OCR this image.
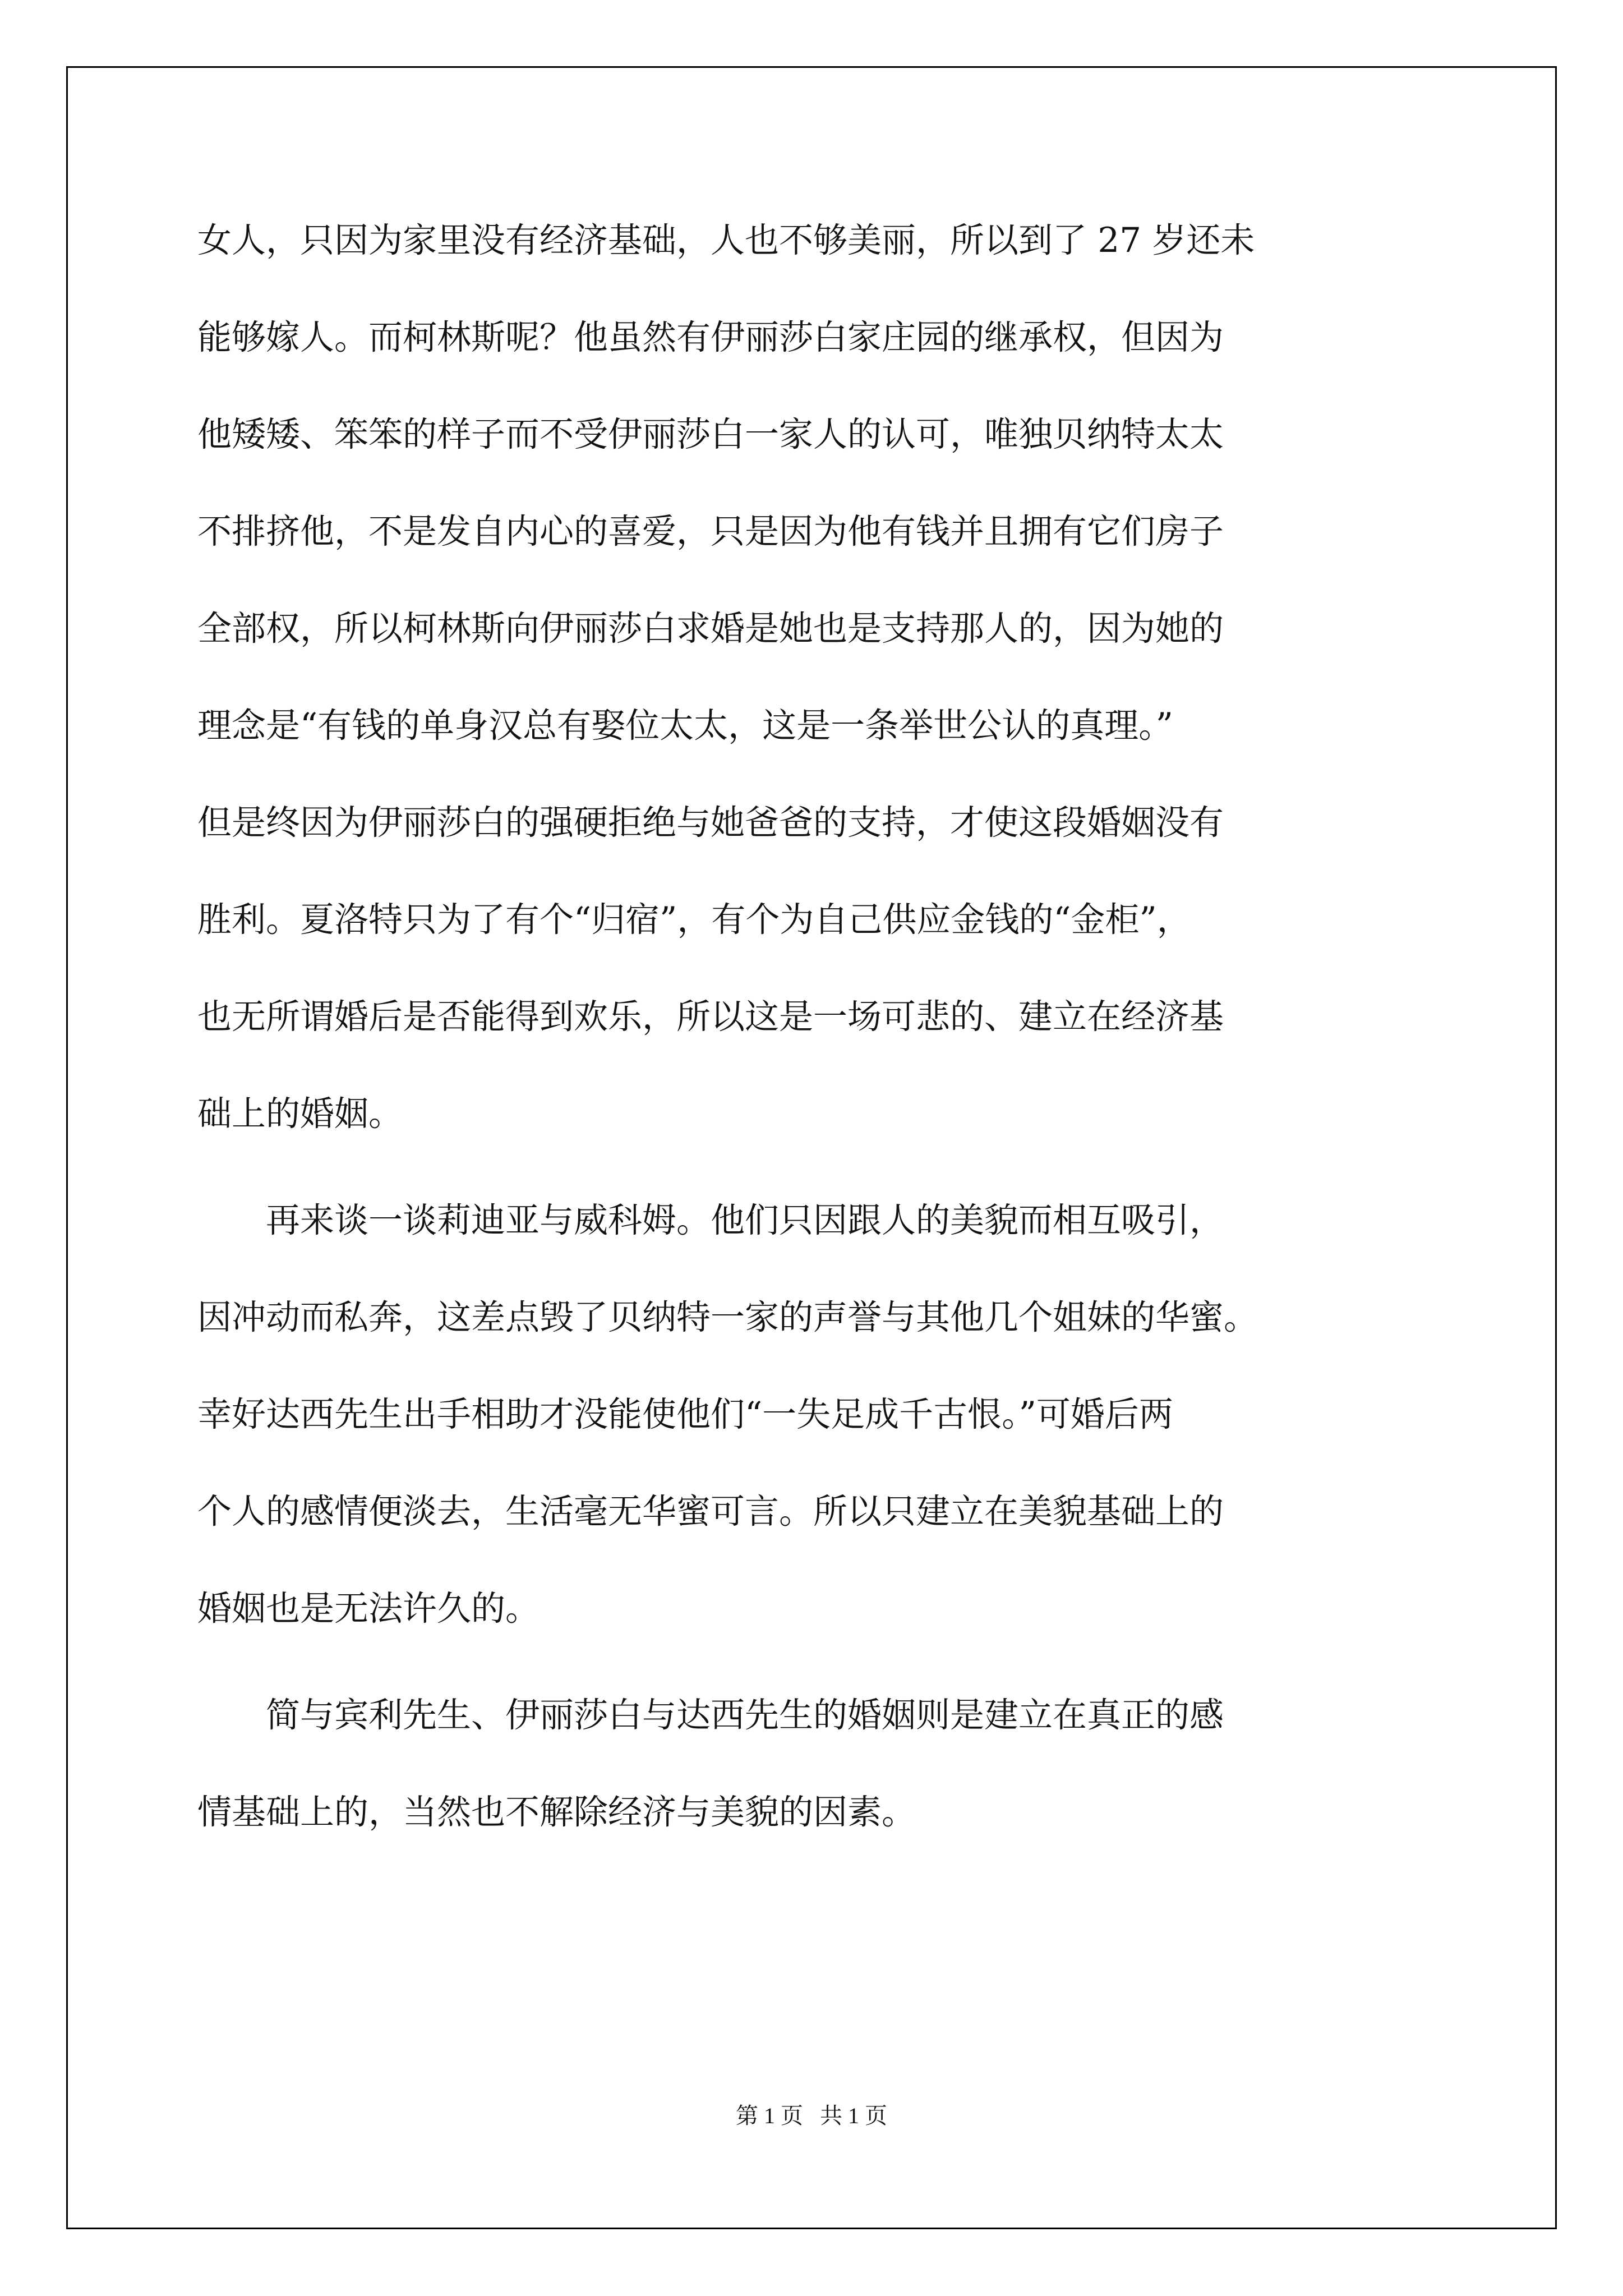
女人，只因为家里没有经济基础，人也不够美丽，所以到了 27 岁还未
能够嫁人。而柯林斯呢？他虽然有伊丽莎白家庄园的继承权，但因为
他矮矮、笨笨的样子而不受伊丽莎白一家人的认可，唯独贝纳特太太
不排挤他，不是发自内心的喜爱，只是因为他有钱并且拥有它们房子
全部权，所以柯林斯向伊丽莎白求婚是她也是支持那人的，因为她的
理念是“有钱的单身汉总有娶位太太，这是一条举世公认的真理。”
但是终因为伊丽莎白的强硬拒绝与她爸爸的支持，才使这段婚姻没有
胜利。夏洛特只为了有个“归宿”，有个为自己供应金钱的“金柜”，
也无所谓婚后是否能得到欢乐，所以这是一场可悲的、建立在经济基
础上的婚姻。
再来谈一谈莉迪亚与威科姆。他们只因跟人的美貌而相互吸引，
因冲动而私奔，这差点毁了贝纳特一家的声誉与其他几个姐妹的华蜜。
幸好达西先生出手相助才没能使他们“一失足成千古恨。”可婚后两
个人的感情便淡去，生活毫无华蜜可言。所以只建立在美貌基础上的
婚姻也是无法许久的。
简与宾利先生、伊丽莎白与达西先生的婚姻则是建立在真正的感
情基础上的，当然也不解除经济与美貌的因素。
第 1 页   共 1 页
